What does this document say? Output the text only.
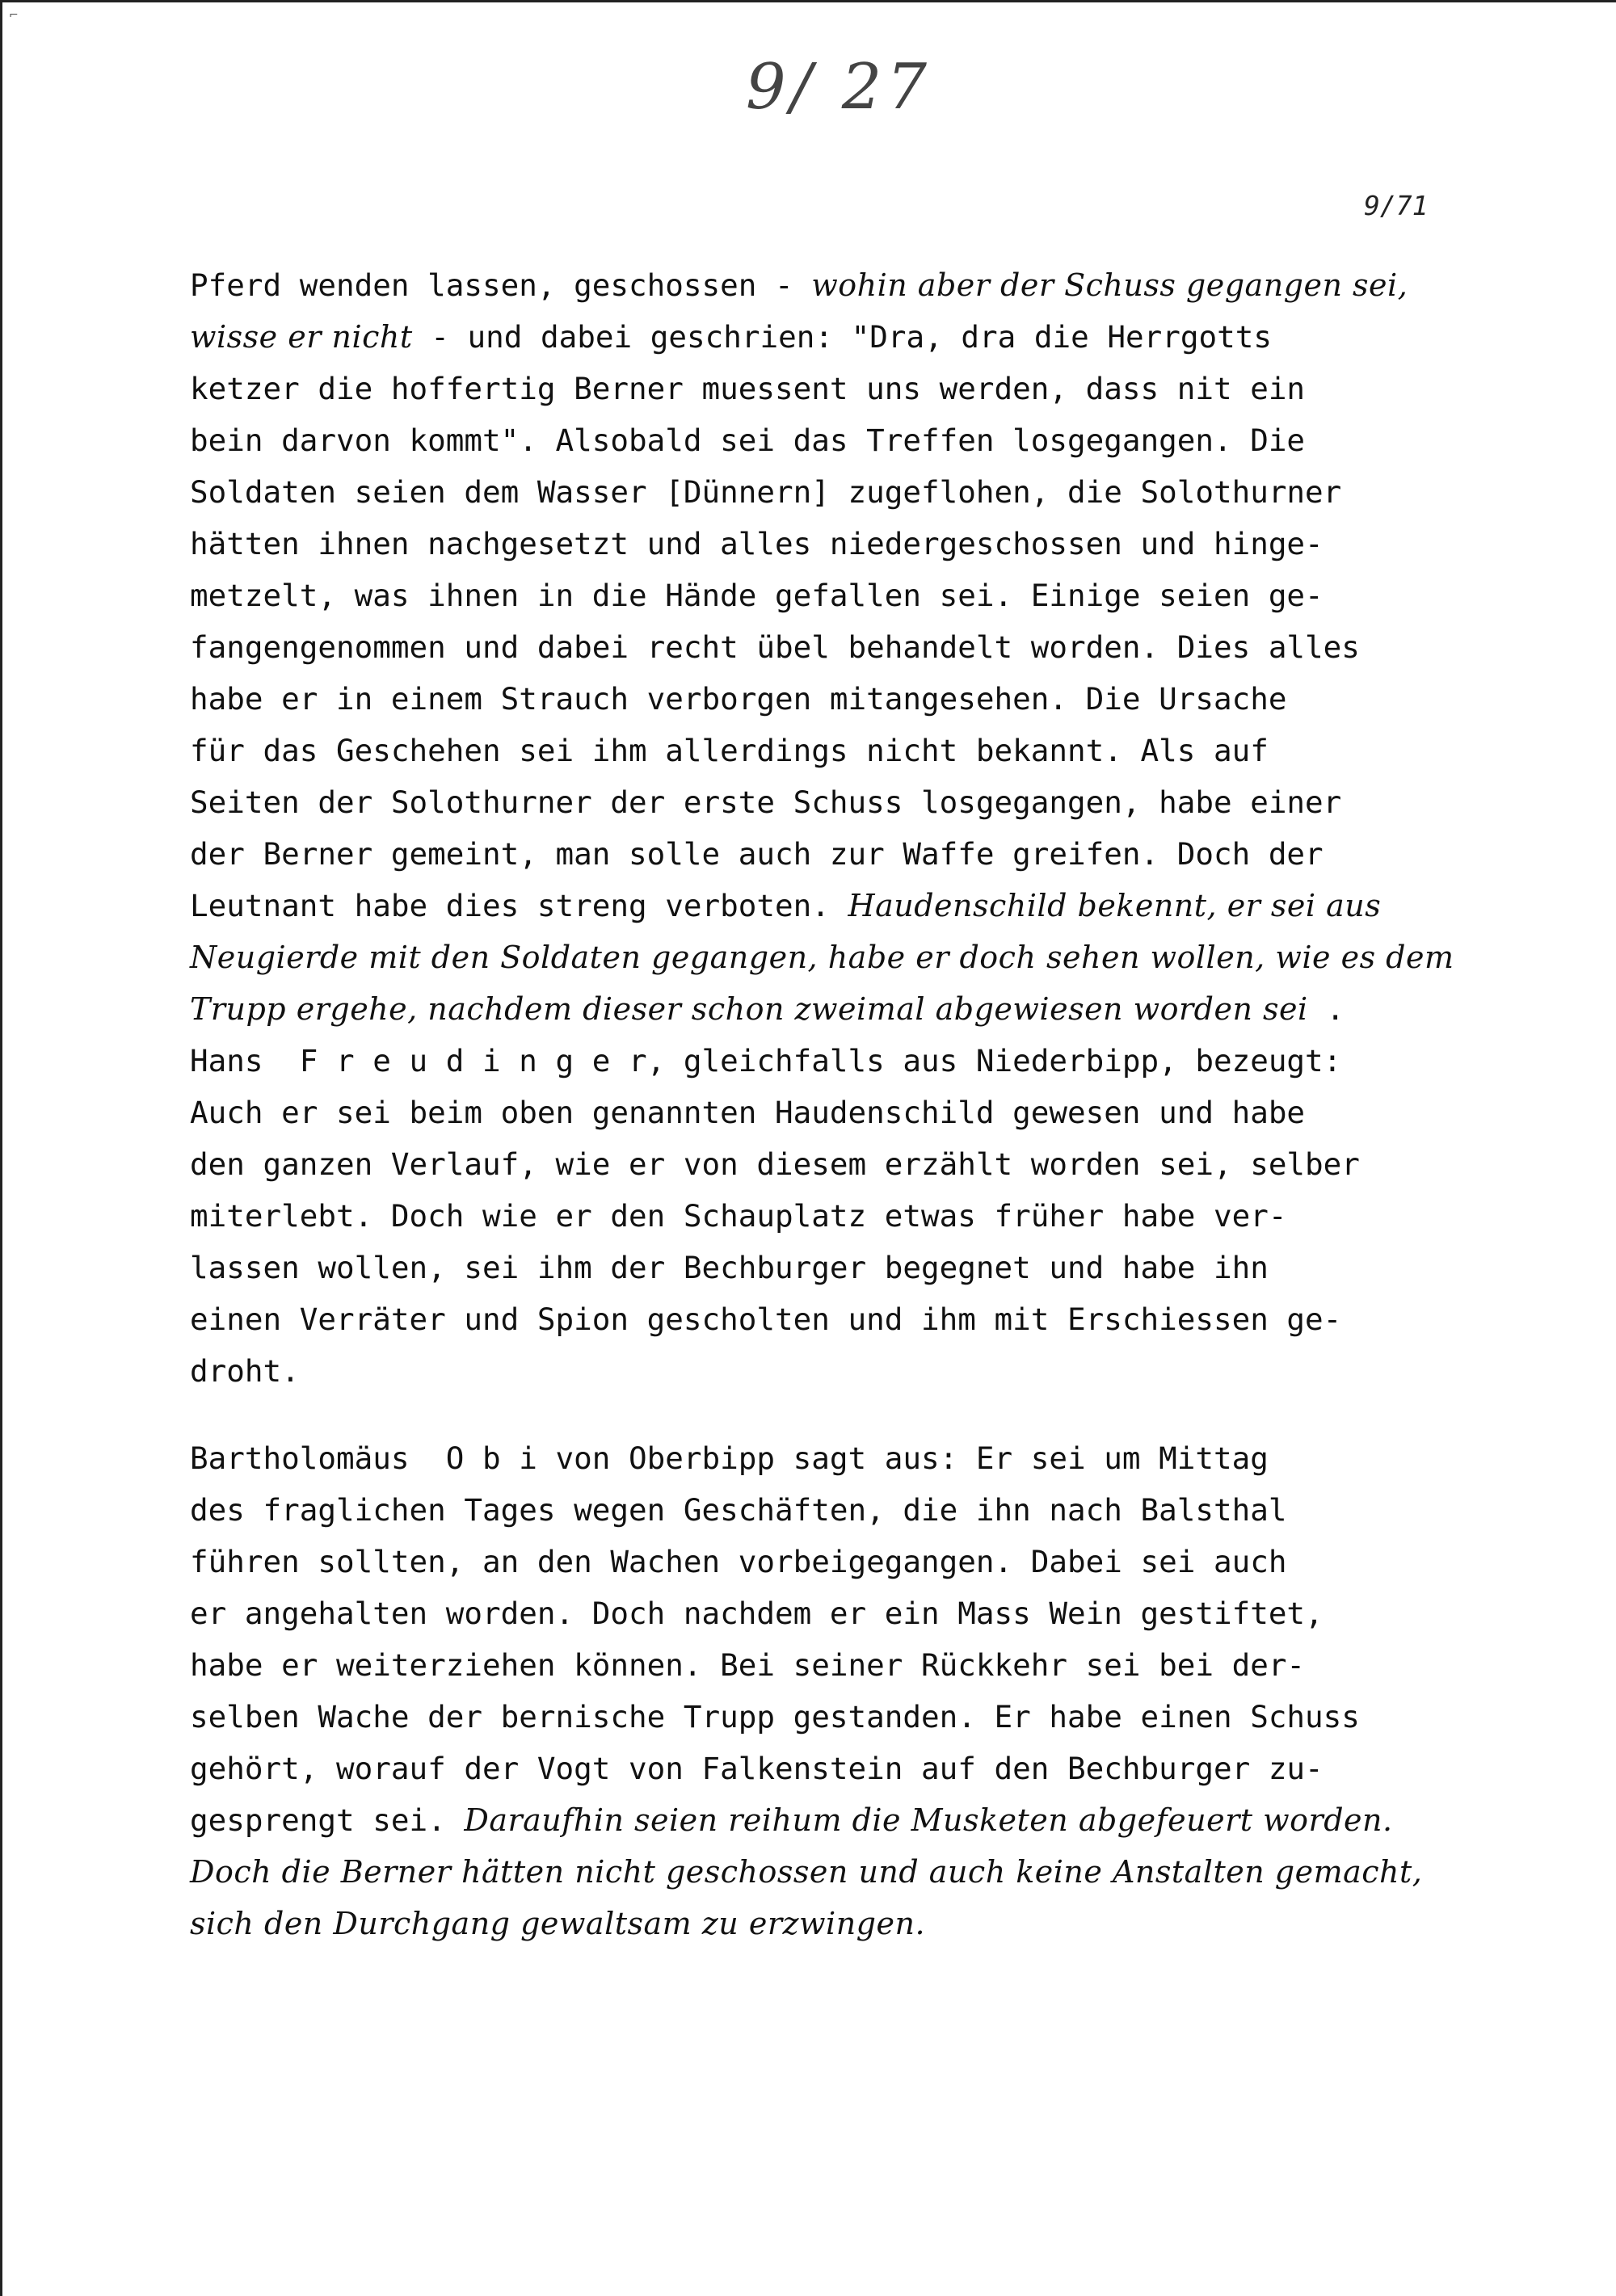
⌐
9/ 27
9/71
Pferd wenden lassen, geschossen - wohin aber der Schuss gegangen sei,
wisse er nicht - und dabei geschrien: "Dra, dra die Herrgotts
ketzer die hoffertig Berner muessent uns werden, dass nit ein
bein darvon kommt". Alsobald sei das Treffen losgegangen. Die
Soldaten seien dem Wasser [Dünnern] zugeflohen, die Solothurner
hätten ihnen nachgesetzt und alles niedergeschossen und hinge-
metzelt, was ihnen in die Hände gefallen sei. Einige seien ge-
fangengenommen und dabei recht übel behandelt worden. Dies alles
habe er in einem Strauch verborgen mitangesehen. Die Ursache
für das Geschehen sei ihm allerdings nicht bekannt. Als auf
Seiten der Solothurner der erste Schuss losgegangen, habe einer
der Berner gemeint, man solle auch zur Waffe greifen. Doch der
Leutnant habe dies streng verboten. Haudenschild bekennt, er sei aus
Neugierde mit den Soldaten gegangen, habe er doch sehen wollen, wie es dem
Trupp ergehe, nachdem dieser schon zweimal abgewiesen worden sei .
Hans  F r e u d i n g e r, gleichfalls aus Niederbipp, bezeugt:
Auch er sei beim oben genannten Haudenschild gewesen und habe
den ganzen Verlauf, wie er von diesem erzählt worden sei, selber
miterlebt. Doch wie er den Schauplatz etwas früher habe ver-
lassen wollen, sei ihm der Bechburger begegnet und habe ihn
einen Verräter und Spion gescholten und ihm mit Erschiessen ge-
droht.
Bartholomäus  O b i von Oberbipp sagt aus: Er sei um Mittag
des fraglichen Tages wegen Geschäften, die ihn nach Balsthal
führen sollten, an den Wachen vorbeigegangen. Dabei sei auch
er angehalten worden. Doch nachdem er ein Mass Wein gestiftet,
habe er weiterziehen können. Bei seiner Rückkehr sei bei der-
selben Wache der bernische Trupp gestanden. Er habe einen Schuss
gehört, worauf der Vogt von Falkenstein auf den Bechburger zu-
gesprengt sei. Daraufhin seien reihum die Musketen abgefeuert worden.
Doch die Berner hätten nicht geschossen und auch keine Anstalten gemacht,
sich den Durchgang gewaltsam zu erzwingen.
